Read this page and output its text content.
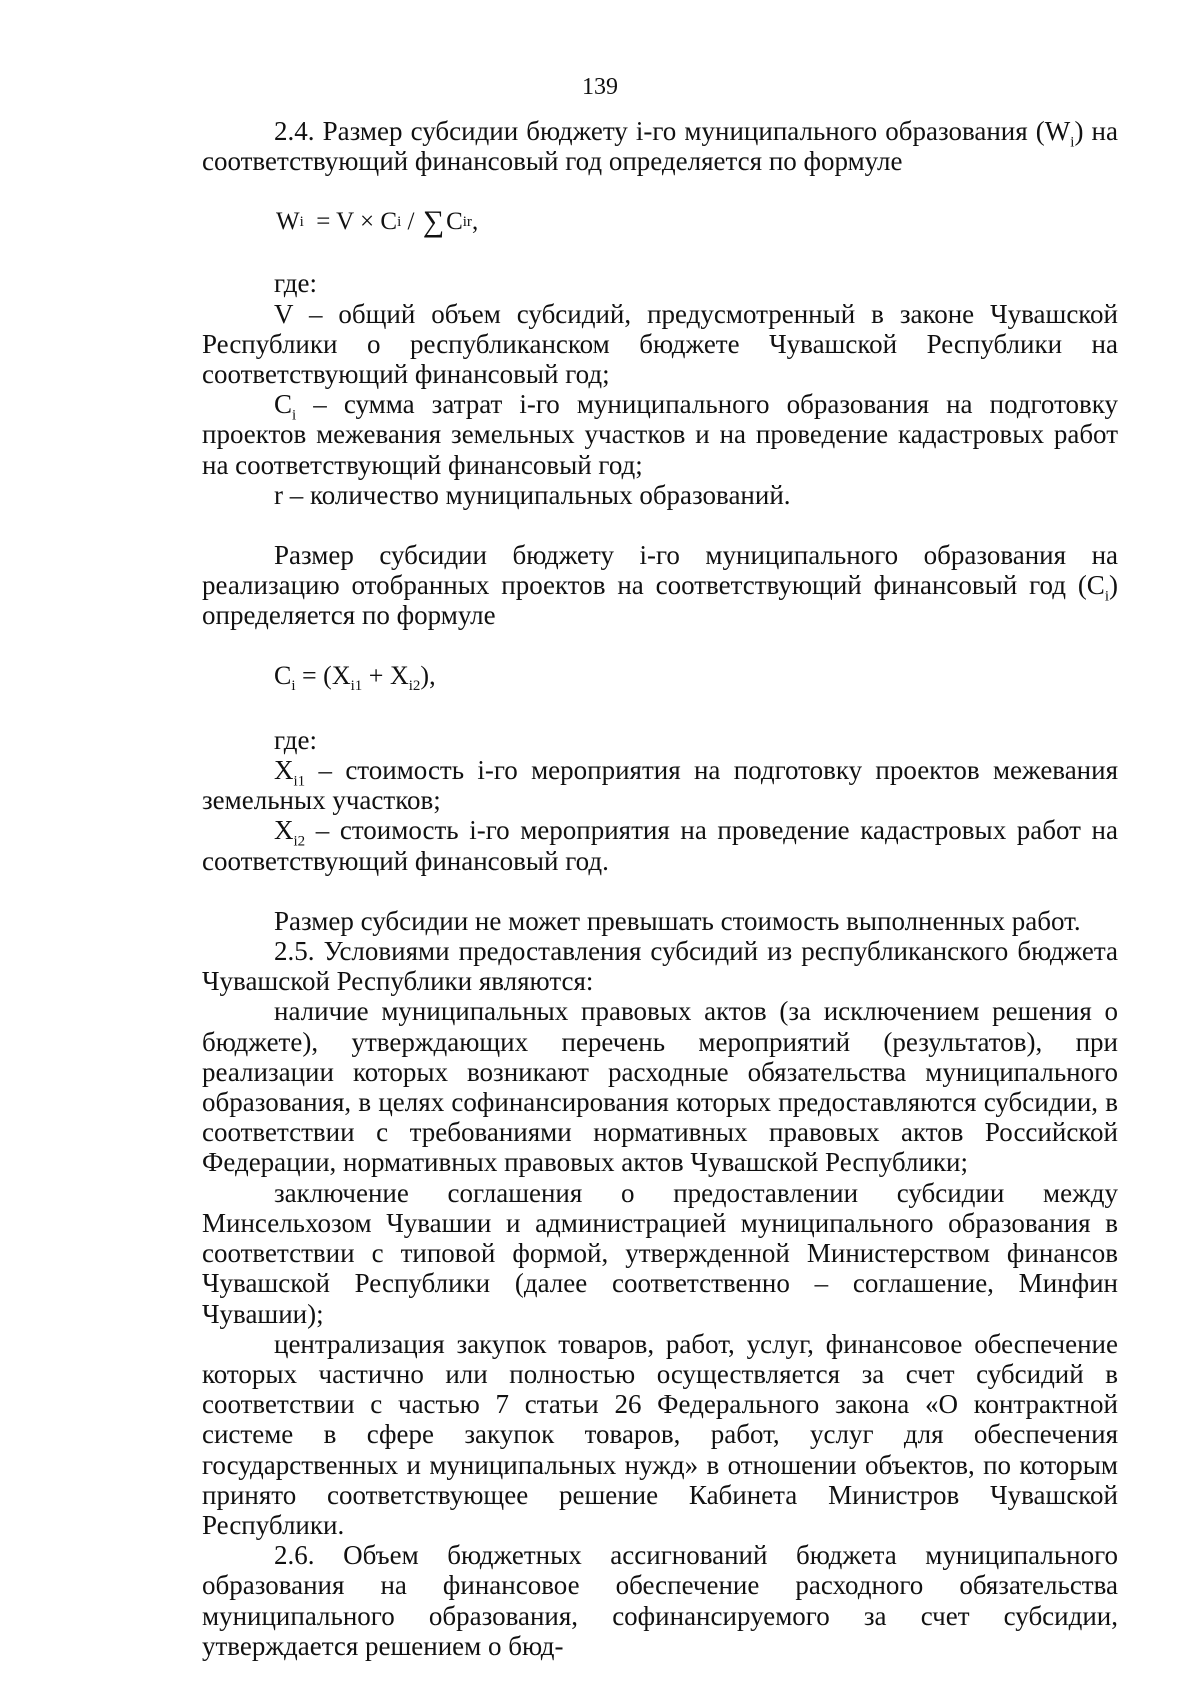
139

2.4. Размер субсидии бюджету i-го муниципального образования $(W_i)$ на соответствующий финансовый год определяется по формуле

W i
= V × C i
/
∑ C ir ,

где:

V – общий объем субсидий, предусмотренный в законе Чувашской Республики о республиканском бюджете Чувашской Республики на соответствующий финансовый год;

$C_i$ – сумма затрат i-го муниципального образования на подготовку проектов межевания земельных участков и на проведение кадастровых работ на соответствующий финансовый год;

r – количество муниципальных образований.

Размер субсидии бюджету i-го муниципального образования на реализацию отобранных проектов на соответствующий финансовый год $(C_i)$ определяется по формуле

$C_i = (X_{i1} + X_{i2})$,

где:

$X_{i1}$ – стоимость i-го мероприятия на подготовку проектов межевания земельных участков;

$X_{i2}$ – стоимость i-го мероприятия на проведение кадастровых работ на соответствующий финансовый год.

Размер субсидии не может превышать стоимость выполненных работ.

2.5. Условиями предоставления субсидий из республиканского бюджета Чувашской Республики являются:

наличие муниципальных правовых актов (за исключением решения о бюджете), утверждающих перечень мероприятий (результатов), при реализации которых возникают расходные обязательства муниципального образования, в целях софинансирования которых предоставляются субсидии, в соответствии с требованиями нормативных правовых актов Российской Федерации, нормативных правовых актов Чувашской Республики;

заключение соглашения о предоставлении субсидии между Минсельхозом Чувашии и администрацией муниципального образования в соответствии с типовой формой, утвержденной Министерством финансов Чувашской Республики (далее соответственно – соглашение, Минфин Чувашии);

централизация закупок товаров, работ, услуг, финансовое обеспечение которых частично или полностью осуществляется за счет субсидий в соответствии с частью 7 статьи 26 Федерального закона «О контрактной системе в сфере закупок товаров, работ, услуг для обеспечения государственных и муниципальных нужд» в отношении объектов, по которым принято соответствующее решение Кабинета Министров Чувашской Республики.

2.6. Объем бюджетных ассигнований бюджета муниципального образования на финансовое обеспечение расходного обязательства муниципального образования, софинансируемого за счет субсидии, утверждается решением о бюд-
